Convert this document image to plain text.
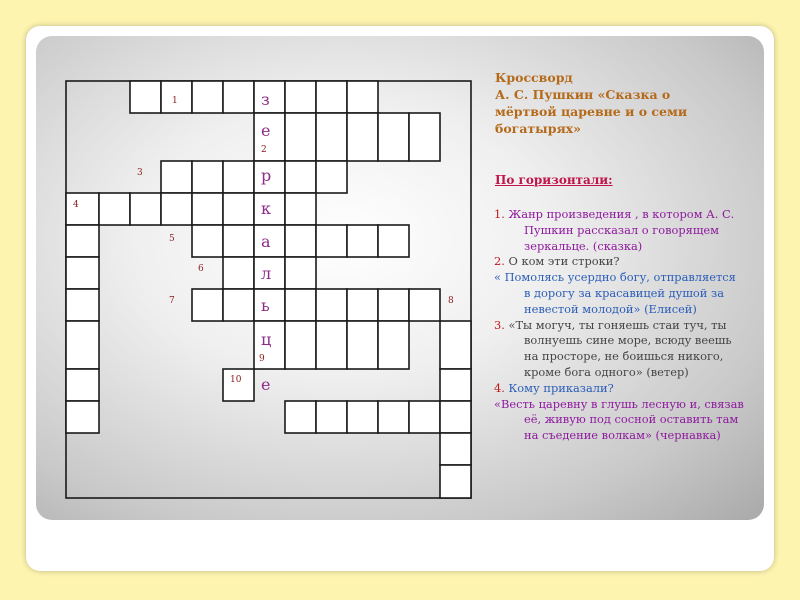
з
е
р
к
а
л
ь
ц
е
1
2
3
4
5
6
7	8
9
10
Кроссворд
А. С. Пушкин «Сказка о мёртвой царевне и о семи богатырях»
По горизонтали:

1. Жанр произведения , в котором А. С. Пушкин рассказал о говорящем зеркальце. (сказка)

2. О ком эти строки?

« Помолясь усердно богу, отправляется в дорогу за красавицей душой за невестой молодой» (Елисей)

3. «Ты могуч, ты гоняешь стаи туч, ты волнуешь сине море, всюду веешь на просторе, не боишься никого, кроме бога одного» (ветер)

4. Кому приказали?

«Весть царевну в глушь лесную и, связав её, живую под сосной оставить там на съедение волкам» (чернавка)
